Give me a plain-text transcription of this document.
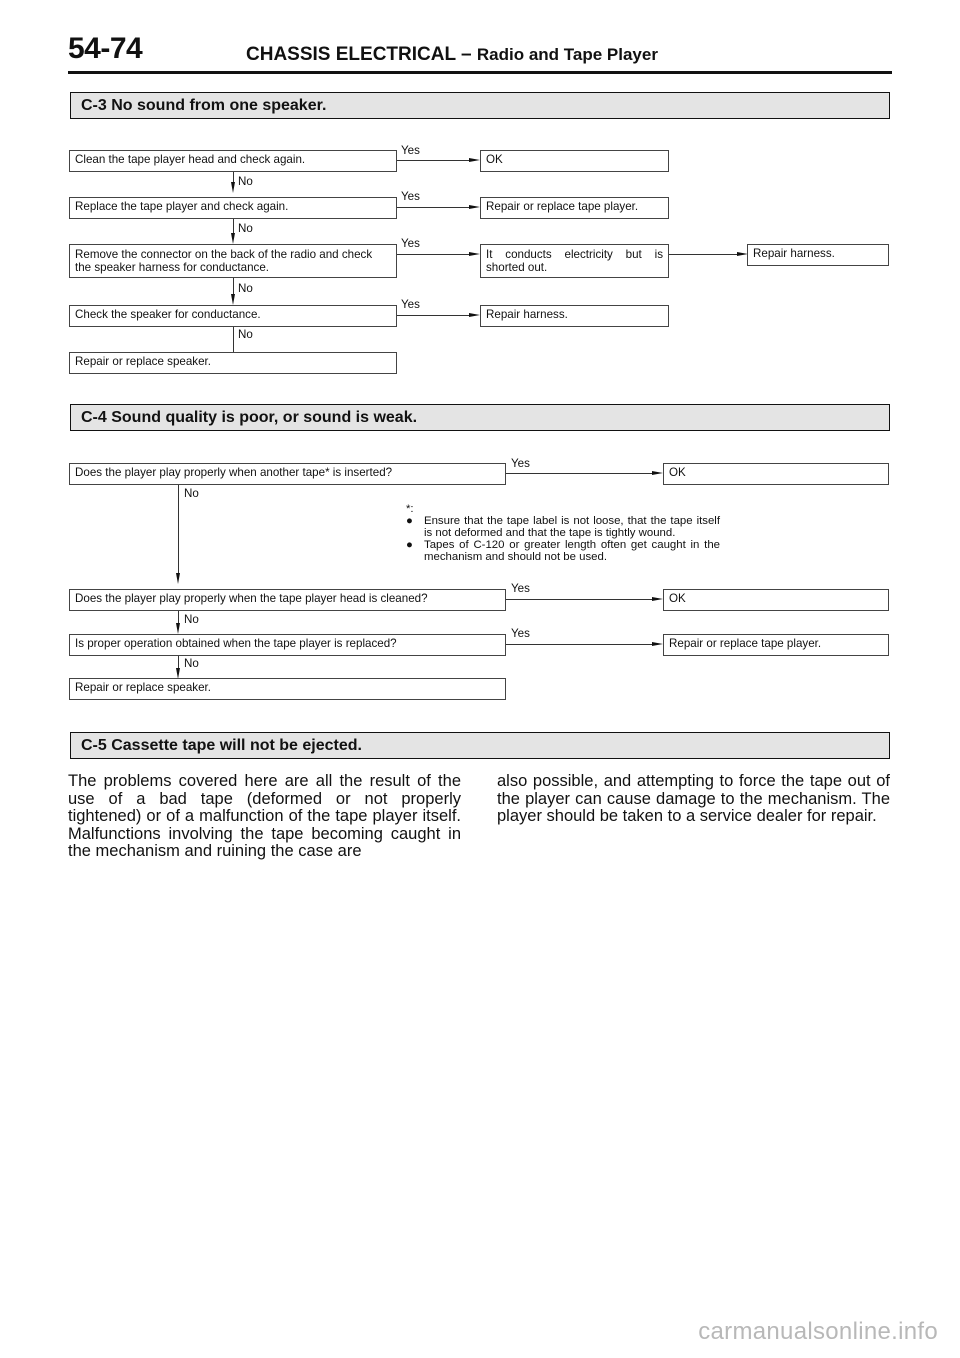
54-74	CHASSIS ELECTRICAL – Radio and Tape Player
C-3 No sound from one speaker.
Clean the tape player head and check again.
Yes
OK
No
Replace the tape player and check again.
Yes
Repair or replace tape player.
No
Remove the connector on the back of the radio and check the speaker harness for conductance.
Yes
It conducts electricity but is shorted out.
Repair harness.
No
Check the speaker for conductance.
Yes
Repair harness.
No
Repair or replace speaker.
C-4 Sound quality is poor, or sound is weak.
Does the player play properly when another tape* is inserted?
Yes
OK
No
*:
● Ensure that the tape label is not loose, that the tape itself is not deformed and that the tape is tightly wound.
● Tapes of C-120 or greater length often get caught in the mechanism and should not be used.
Does the player play properly when the tape player head is cleaned?
Yes
OK
No
Is proper operation obtained when the tape player is replaced?
Yes
Repair or replace tape player.
No
Repair or replace speaker.
C-5 Cassette tape will not be ejected.
The problems covered here are all the result of the use of a bad tape (deformed or not properly tightened) or of a malfunction of the tape player itself. Malfunctions involving the tape becoming caught in the mechanism and ruining the case are
also possible, and attempting to force the tape out of the player can cause damage to the mechanism. The player should be taken to a service dealer for repair.
carmanualsonline.info
